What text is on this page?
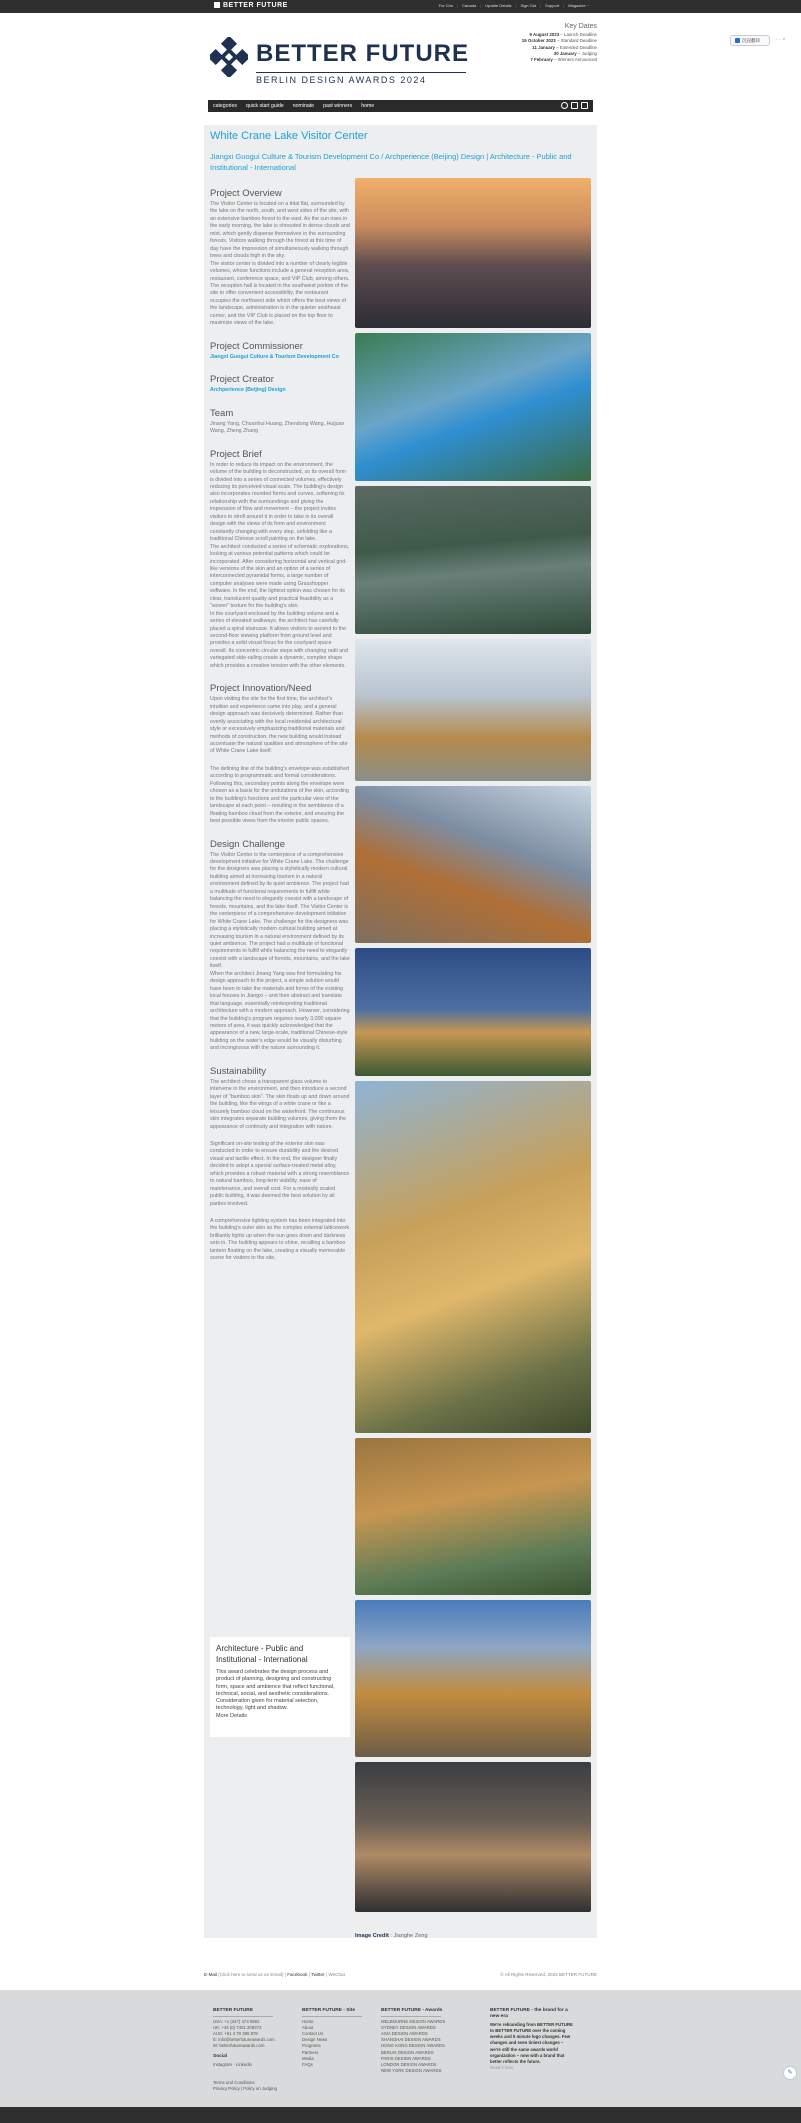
BETTER FUTURE	For Chn | Canada | Update Details | Sign Out | Support | Magazine ~
BETTER FUTURE
BERLIN DESIGN AWARDS 2024
Key Dates
9 August 2023 – Launch Deadline
19 October 2023 – Standard Deadline
11 January – Extended Deadline
30 January – Judging
7 February – Winners Announced
沉浸翻译	··· ×
categories quick start guide nominate past winners home
White Crane Lake Visitor Center
Jiangxi Guogui Culture & Tourism Development Co / Archperience (Beijing) Design | Architecture - Public and Institutional - International
Project Overview

The Visitor Center is located on a tidal flat, surrounded by the lake on the north, south, and west sides of the site, with an extensive bamboo forest to the east. As the sun rises in the early morning, the lake is shrouded in dense clouds and mist, which gently disperse themselves in the surrounding forests. Visitors walking through the forest at this time of day have the impression of simultaneously walking through trees and clouds high in the sky.

The visitor center is divided into a number of clearly legible volumes, whose functions include a general reception area, restaurant, conference space, and VIP Club, among others. The reception hall is located in the southwest portion of the site to offer convenient accessibility, the restaurant occupies the northwest side which offers the best views of the landscape, administration is in the quieter southeast corner, and the VIP Club is placed on the top floor to maximize views of the lake.

Project Commissioner

Jiangxi Guogui Culture & Tourism Development Co

Project Creator

Archperience (Beijing) Design

Team

Jinang Yang, Chuanhui Huang, Zhendong Wang, Huijuan Wang, Zheng Zhang

Project Brief

In order to reduce its impact on the environment, the volume of the building is deconstructed, so its overall form is divided into a series of connected volumes, effectively reducing its perceived visual scale. The building's design also incorporates rounded forms and curves, softening its relationship with the surroundings and giving the impression of flow and movement – the project invites visitors to stroll around it in order to take in its overall design with the views of its form and environment constantly changing with every step, unfolding like a traditional Chinese scroll painting on the lake.

The architect conducted a series of schematic explorations, looking at various potential patterns which could be incorporated. After considering horizontal and vertical grid-like versions of the skin and an option of a series of interconnected pyramidal forms, a large number of computer analyses were made using Grasshopper software. In the end, the lightest option was chosen for its clear, translucent quality and practical feasibility as a "woven" texture for the building's skin.

In the courtyard enclosed by the building volume and a series of elevated walkways, the architect has carefully placed a spiral staircase. It allows visitors to ascend to the second-floor viewing platform from ground level and provides a solid visual focus for the courtyard space overall. Its concentric circular steps with changing radii and variegated side-railing create a dynamic, complex shape which provides a creative tension with the other elements.

Project Innovation/Need

Upon visiting the site for the first time, the architect's intuition and experience came into play, and a general design approach was decisively determined. Rather than overtly associating with the local residential architectural style or excessively emphasizing traditional materials and methods of construction, the new building would instead accentuate the natural qualities and atmosphere of the site of White Crane Lake itself.

The defining line of the building's envelope was established according to programmatic and formal considerations. Following this, secondary points along the envelope were chosen as a basis for the undulations of the skin, according to the building's functions and the particular view of the landscape at each point – resulting in the semblance of a floating bamboo cloud from the exterior, and ensuring the best possible views from the interior public spaces.

Design Challenge

The Visitor Center is the centerpiece of a comprehensive development initiative for White Crane Lake. The challenge for the designers was placing a stylistically modern cultural building aimed at increasing tourism in a natural environment defined by its quiet ambience. The project had a multitude of functional requirements to fulfill while balancing the need to elegantly coexist with a landscape of forests, mountains, and the lake itself. The Visitor Center is the centerpiece of a comprehensive development initiative for White Crane Lake. The challenge for the designers was placing a stylistically modern cultural building aimed at increasing tourism in a natural environment defined by its quiet ambience. The project had a multitude of functional requirements to fulfill while balancing the need to elegantly coexist with a landscape of forests, mountains, and the lake itself.

When the architect Jinang Yang was first formulating his design approach to the project, a simple solution would have been to take the materials and forms of the existing local houses in Jiangxi – and then abstract and translate that language, essentially reinterpreting traditional architecture with a modern approach. However, considering that the building's program requires nearly 3,000 square meters of area, it was quickly acknowledged that the appearance of a new, large-scale, traditional Chinese-style building on the water's edge would be visually disturbing and incongruous with the nature surrounding it.

Sustainability

The architect chose a transparent glass volume to intervene in the environment, and then introduce a second layer of "bamboo skin". The skin floats up and down around the building, like the wings of a white crane or like a leisurely bamboo cloud on the waterfront. The continuous skin integrates separate building volumes, giving them the appearance of continuity and integration with nature.

Significant on-site testing of the exterior skin was conducted in order to ensure durability and the desired visual and tactile effect. In the end, the designer finally decided to adopt a special surface-treated metal alloy, which provides a robust material with a strong resemblance to natural bamboo, long-term viability, ease of maintenance, and overall cost. For a modestly scaled public building, it was deemed the best solution by all parties involved.

A comprehensive lighting system has been integrated into the building's outer skin so the complex external latticework brilliantly lights up when the sun goes down and darkness sets in. The building appears to shine, recalling a bamboo lantern floating on the lake, creating a visually memorable scene for visitors to the site.

Architecture - Public and Institutional - International

This award celebrates the design process and product of planning, designing and constructing form, space and ambience that reflect functional, technical, social, and aesthetic considerations. Consideration given for material selection, technology, light and shadow.

More Details

Image Credit : Jianghe Zeng
E-Mail (Click here to send us an Email) | Facebook | Twitter | WeChat	© All Rights Reserved, 2023 BETTER FUTURE
BETTER FUTURE
USA: +1 (347) 474 0592
UK: +44 (0) 7451 208373
AUS: +61 4 70 386 878
E: info@betterfutureawards.com
W: betterfutureawards.com
Social
Instagram · Linkedin
Terms and Conditions
Privacy Policy | Policy on Judging
BETTER FUTURE - Site
Home
About
Contact Us
Design News
Programs
Partners
Media
FAQs
BETTER FUTURE - Awards
MELBOURNE DESIGN AWARDS
SYDNEY DESIGN AWARDS
ASIA DESIGN AWARDS
SHANGHAI DESIGN AWARDS
HONG KONG DESIGN AWARDS
BERLIN DESIGN AWARDS
PARIS DESIGN AWARDS
LONDON DESIGN AWARDS
NEW YORK DESIGN AWARDS
BETTER FUTURE - the brand for a new era
We're rebranding from BETTER FUTURE to BETTER FUTURE over the coming weeks and 5 minute logo changes. Few changes and even tiniest changes – we're still the same awards world organization – now with a brand that better reflects the future.
Read it here
✎
